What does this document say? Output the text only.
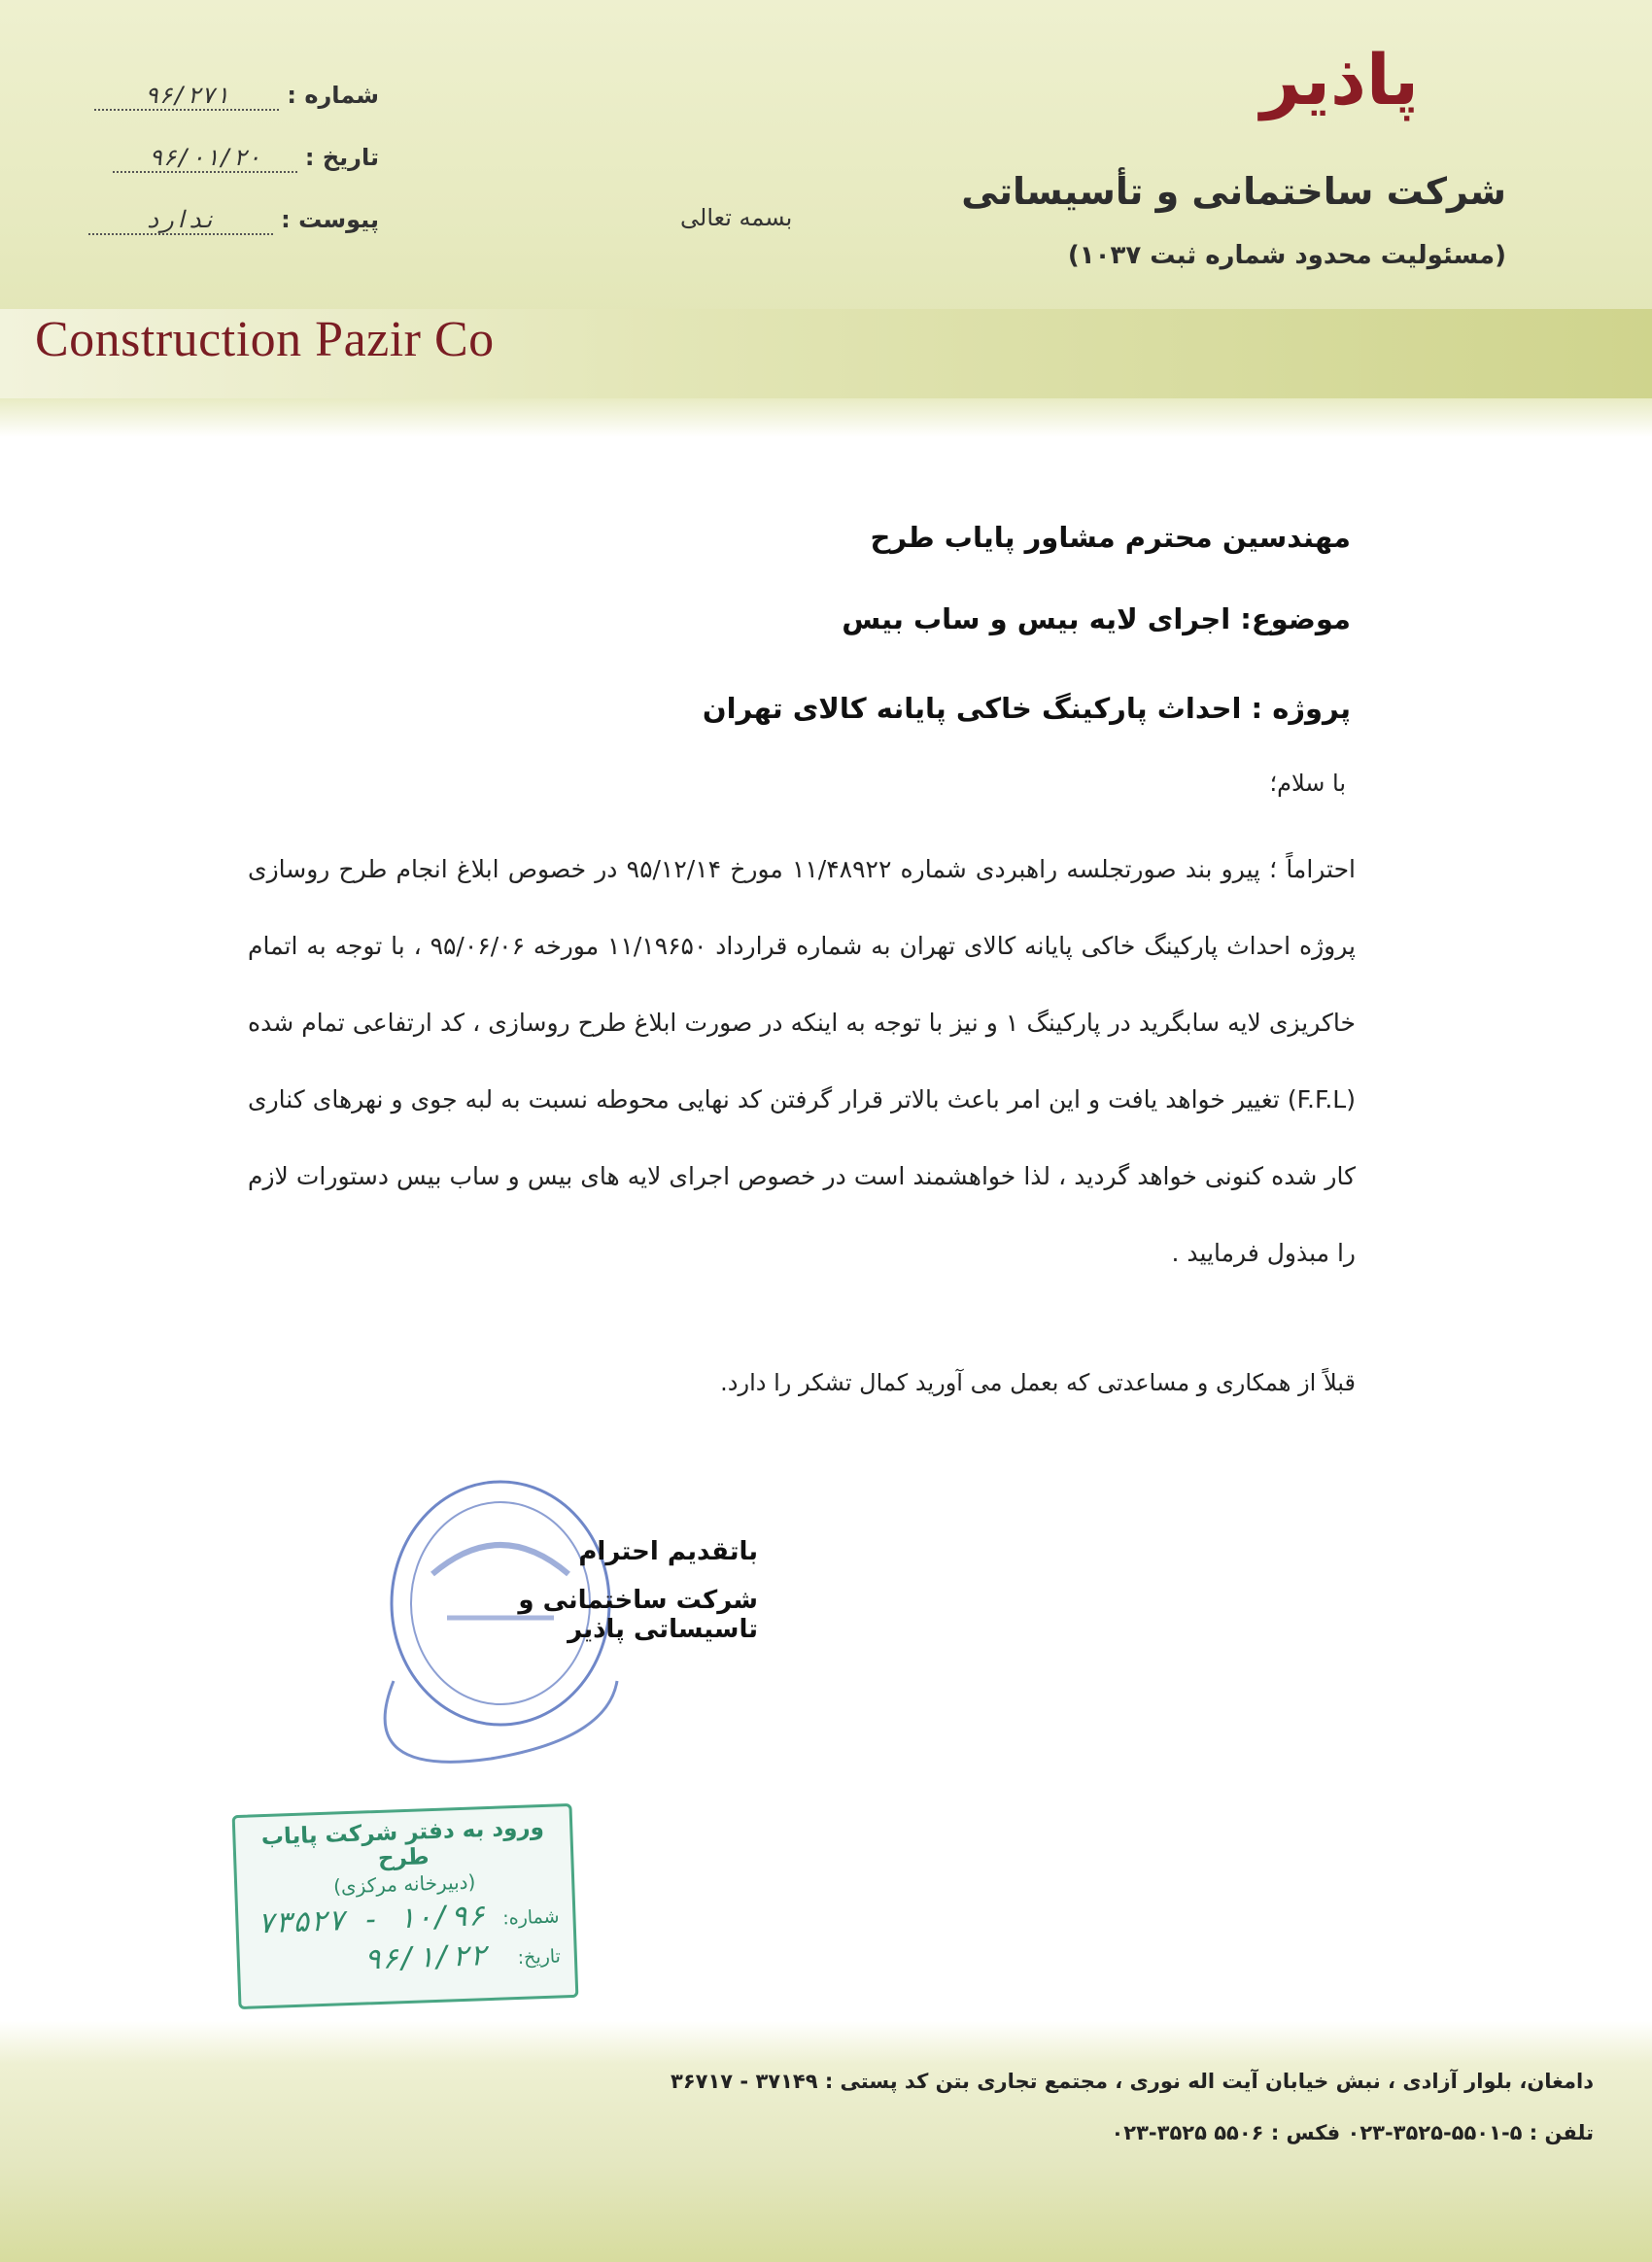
پاذیر
شرکت ساختمانی و تأسیساتی
(مسئولیت محدود شماره ثبت ۱۰۳۷)
Construction Pazir Co
بسمه تعالی
شماره :
۹۶/۲۷۱
تاریخ :
۹۶/۰۱/۲۰
پیوست :
ندارد
مهندسین محترم مشاور پایاب طرح
موضوع: اجرای لایه بیس و ساب بیس
پروژه : احداث پارکینگ خاکی پایانه کالای تهران
با سلام؛
احتراماً ؛ پیرو بند صورتجلسه راهبردی شماره ۱۱/۴۸۹۲۲ مورخ ۹۵/۱۲/۱۴ در خصوص ابلاغ انجام طرح روسازی پروژه احداث پارکینگ خاکی پایانه کالای تهران به شماره قرارداد ۱۱/۱۹۶۵۰ مورخه ۹۵/۰۶/۰۶ ، با توجه به اتمام خاکریزی لایه سابگرید در پارکینگ ۱ و نیز با توجه به اینکه در صورت ابلاغ طرح روسازی ، کد ارتفاعی تمام شده (F.F.L) تغییر خواهد یافت و این امر باعث بالاتر قرار گرفتن کد نهایی محوطه نسبت به لبه جوی و نهرهای کناری کار شده کنونی خواهد گردید ، لذا خواهشمند است در خصوص اجرای لایه های بیس و ساب بیس دستورات لازم را مبذول فرمایید .
قبلاً از همکاری و مساعدتی که بعمل می آورید کمال تشکر را دارد.
باتقدیم احترام
شرکت ساختمانی و تاسیساتی پاذیر
ورود به دفتر شرکت پایاب طرح
(دبیرخانه مرکزی)
شماره:
۱۰/۹۶ - ۷۳۵۲۷
تاریخ:
۹۶/۱/۲۲
دامغان، بلوار آزادی ، نبش خیابان آیت اله نوری ، مجتمع تجاری بتن کد پستی : ۳۷۱۴۹ - ۳۶۷۱۷
تلفن : ۵-۵۵۰۱-۳۵۲۵-۰۲۳ فکس : ۵۵۰۶ ۳۵۲۵-۰۲۳
